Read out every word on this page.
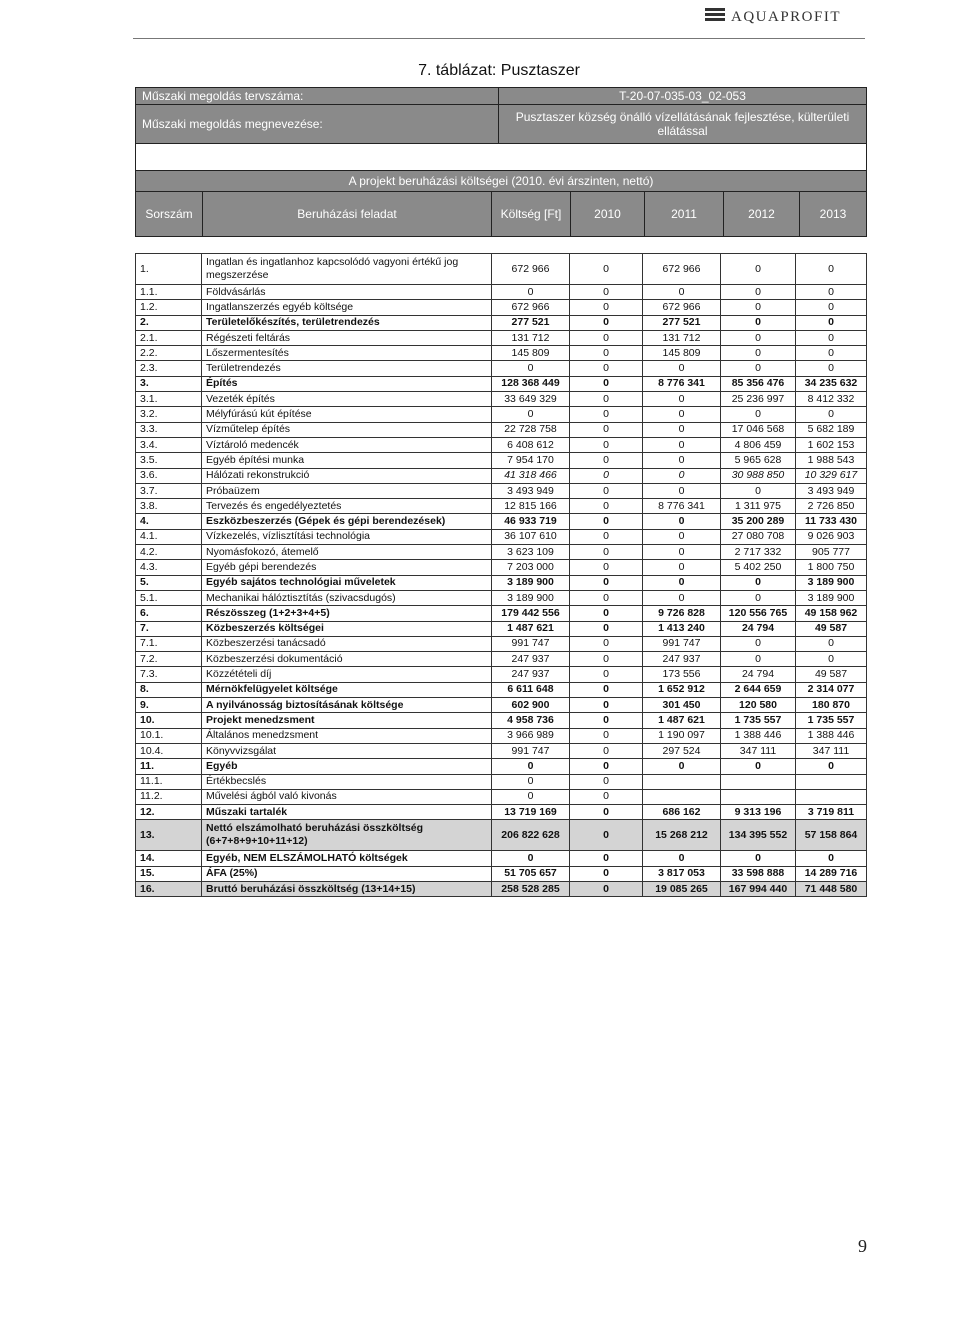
AQUAPROFIT
7. táblázat: Pusztaszer
Műszaki megoldás tervszáma:	T-20-07-035-03_02-053
Műszaki megoldás megnevezése:	Pusztaszer község önálló vízellátásának fejlesztése, külterületi ellátással
A projekt beruházási költségei (2010. évi árszinten, nettó)
Sorszám	Beruházási feladat	Költség [Ft]	2010	2011	2012	2013
1.	Ingatlan és ingatlanhoz kapcsolódó vagyoni értékű jog megszerzése	672 966	0	672 966	0	0
1.1.	Földvásárlás	0	0	0	0	0
1.2.	Ingatlanszerzés egyéb költsége	672 966	0	672 966	0	0
2.	Területelőkészítés, területrendezés	277 521	0	277 521	0	0
2.1.	Régészeti feltárás	131 712	0	131 712	0	0
2.2.	Lőszermentesítés	145 809	0	145 809	0	0
2.3.	Területrendezés	0	0	0	0	0
3.	Építés	128 368 449	0	8 776 341	85 356 476	34 235 632
3.1.	Vezeték építés	33 649 329	0	0	25 236 997	8 412 332
3.2.	Mélyfúrású kút építése	0	0	0	0	0
3.3.	Vízműtelep építés	22 728 758	0	0	17 046 568	5 682 189
3.4.	Víztároló medencék	6 408 612	0	0	4 806 459	1 602 153
3.5.	Egyéb építési munka	7 954 170	0	0	5 965 628	1 988 543
3.6.	Hálózati rekonstrukció	41 318 466	0	0	30 988 850	10 329 617
3.7.	Próbaüzem	3 493 949	0	0	0	3 493 949
3.8.	Tervezés és engedélyeztetés	12 815 166	0	8 776 341	1 311 975	2 726 850
4.	Eszközbeszerzés (Gépek és gépi berendezések)	46 933 719	0	0	35 200 289	11 733 430
4.1.	Vízkezelés, vízlisztítási technológia	36 107 610	0	0	27 080 708	9 026 903
4.2.	Nyomásfokozó, átemelő	3 623 109	0	0	2 717 332	905 777
4.3.	Egyéb gépi berendezés	7 203 000	0	0	5 402 250	1 800 750
5.	Egyéb sajátos technológiai műveletek	3 189 900	0	0	0	3 189 900
5.1.	Mechanikai hálóztisztítás (szivacsdugós)	3 189 900	0	0	0	3 189 900
6.	Részösszeg (1+2+3+4+5)	179 442 556	0	9 726 828	120 556 765	49 158 962
7.	Közbeszerzés költségei	1 487 621	0	1 413 240	24 794	49 587
7.1.	Közbeszerzési tanácsadó	991 747	0	991 747	0	0
7.2.	Közbeszerzési dokumentáció	247 937	0	247 937	0	0
7.3.	Közzétételi díj	247 937	0	173 556	24 794	49 587
8.	Mérnökfelügyelet költsége	6 611 648	0	1 652 912	2 644 659	2 314 077
9.	A nyilvánosság biztosításának költsége	602 900	0	301 450	120 580	180 870
10.	Projekt menedzsment	4 958 736	0	1 487 621	1 735 557	1 735 557
10.1.	Általános menedzsment	3 966 989	0	1 190 097	1 388 446	1 388 446
10.4.	Könyvvizsgálat	991 747	0	297 524	347 111	347 111
11.	Egyéb	0	0	0	0	0
11.1.	Értékbecslés	0	0			
11.2.	Művelési ágból való kivonás	0	0			
12.	Műszaki tartalék	13 719 169	0	686 162	9 313 196	3 719 811
13.	Nettó elszámolható beruházási összköltség (6+7+8+9+10+11+12)	206 822 628	0	15 268 212	134 395 552	57 158 864
14.	Egyéb, NEM ELSZÁMOLHATÓ költségek	0	0	0	0	0
15.	ÁFA (25%)	51 705 657	0	3 817 053	33 598 888	14 289 716
16.	Bruttó beruházási összköltség (13+14+15)	258 528 285	0	19 085 265	167 994 440	71 448 580
9
